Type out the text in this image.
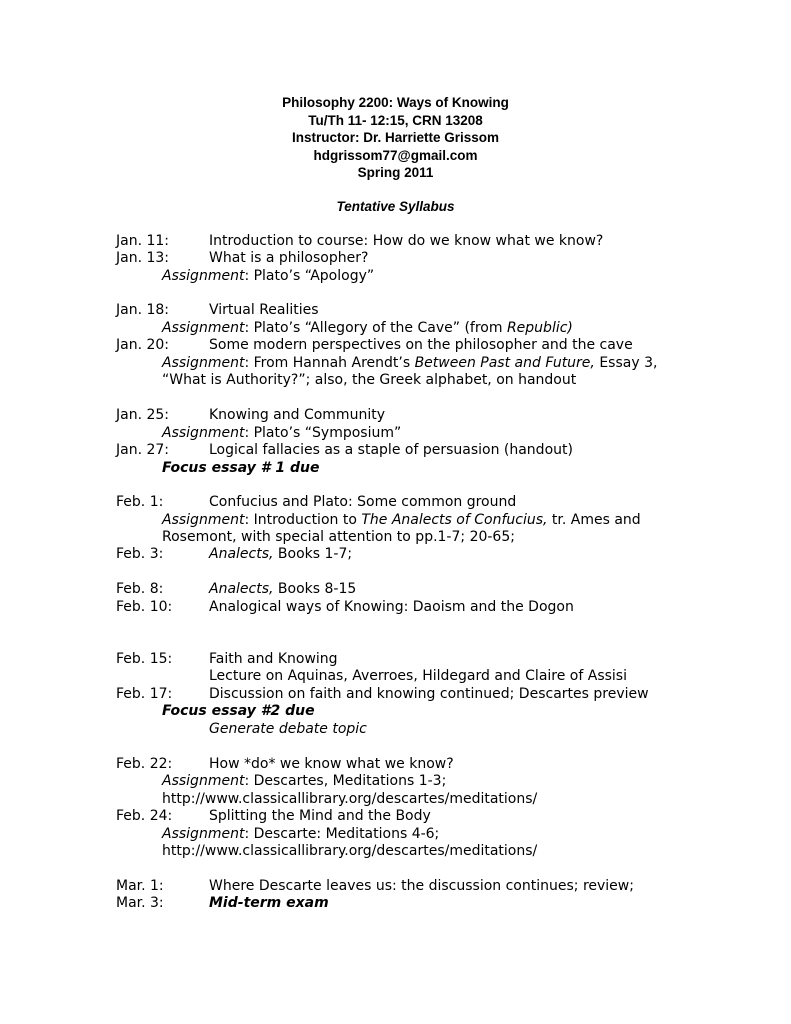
Philosophy 2200: Ways of Knowing
Tu/Th 11- 12:15, CRN 13208
Instructor: Dr. Harriette Grissom
hdgrissom77@gmail.com
Spring 2011
Tentative Syllabus
Jan. 11:	Introduction to course: How do we know what we know?
Jan. 13:	What is a philosopher?
Assignment: Plato’s “Apology”
Jan. 18:	Virtual Realities
Assignment: Plato’s “Allegory of the Cave” (from Republic)
Jan. 20:	Some modern perspectives on the philosopher and the cave
Assignment: From Hannah Arendt’s Between Past and Future, Essay 3,
“What is Authority?”; also, the Greek alphabet, on handout
Jan. 25:	Knowing and Community
Assignment: Plato’s “Symposium”
Jan. 27:	Logical fallacies as a staple of persuasion (handout)
Focus essay # 1 due
Feb. 1:	Confucius and Plato: Some common ground
Assignment: Introduction to The Analects of Confucius, tr. Ames and
Rosemont, with special attention to pp.1-7; 20-65;
Feb. 3:	Analects, Books 1-7;
Feb. 8:	Analects, Books 8-15
Feb. 10:	Analogical ways of Knowing: Daoism and the Dogon
Feb. 15:	Faith and Knowing
Lecture on Aquinas, Averroes, Hildegard and Claire of Assisi
Feb. 17:	Discussion on faith and knowing continued; Descartes preview
Focus essay #2 due
Generate debate topic
Feb. 22:	How *do* we know what we know?
Assignment: Descartes, Meditations 1-3;
http://www.classicallibrary.org/descartes/meditations/
Feb. 24:	Splitting the Mind and the Body
Assignment: Descarte: Meditations 4-6;
http://www.classicallibrary.org/descartes/meditations/
Mar. 1:	Where Descarte leaves us: the discussion continues; review;
Mar. 3:	Mid-term exam
